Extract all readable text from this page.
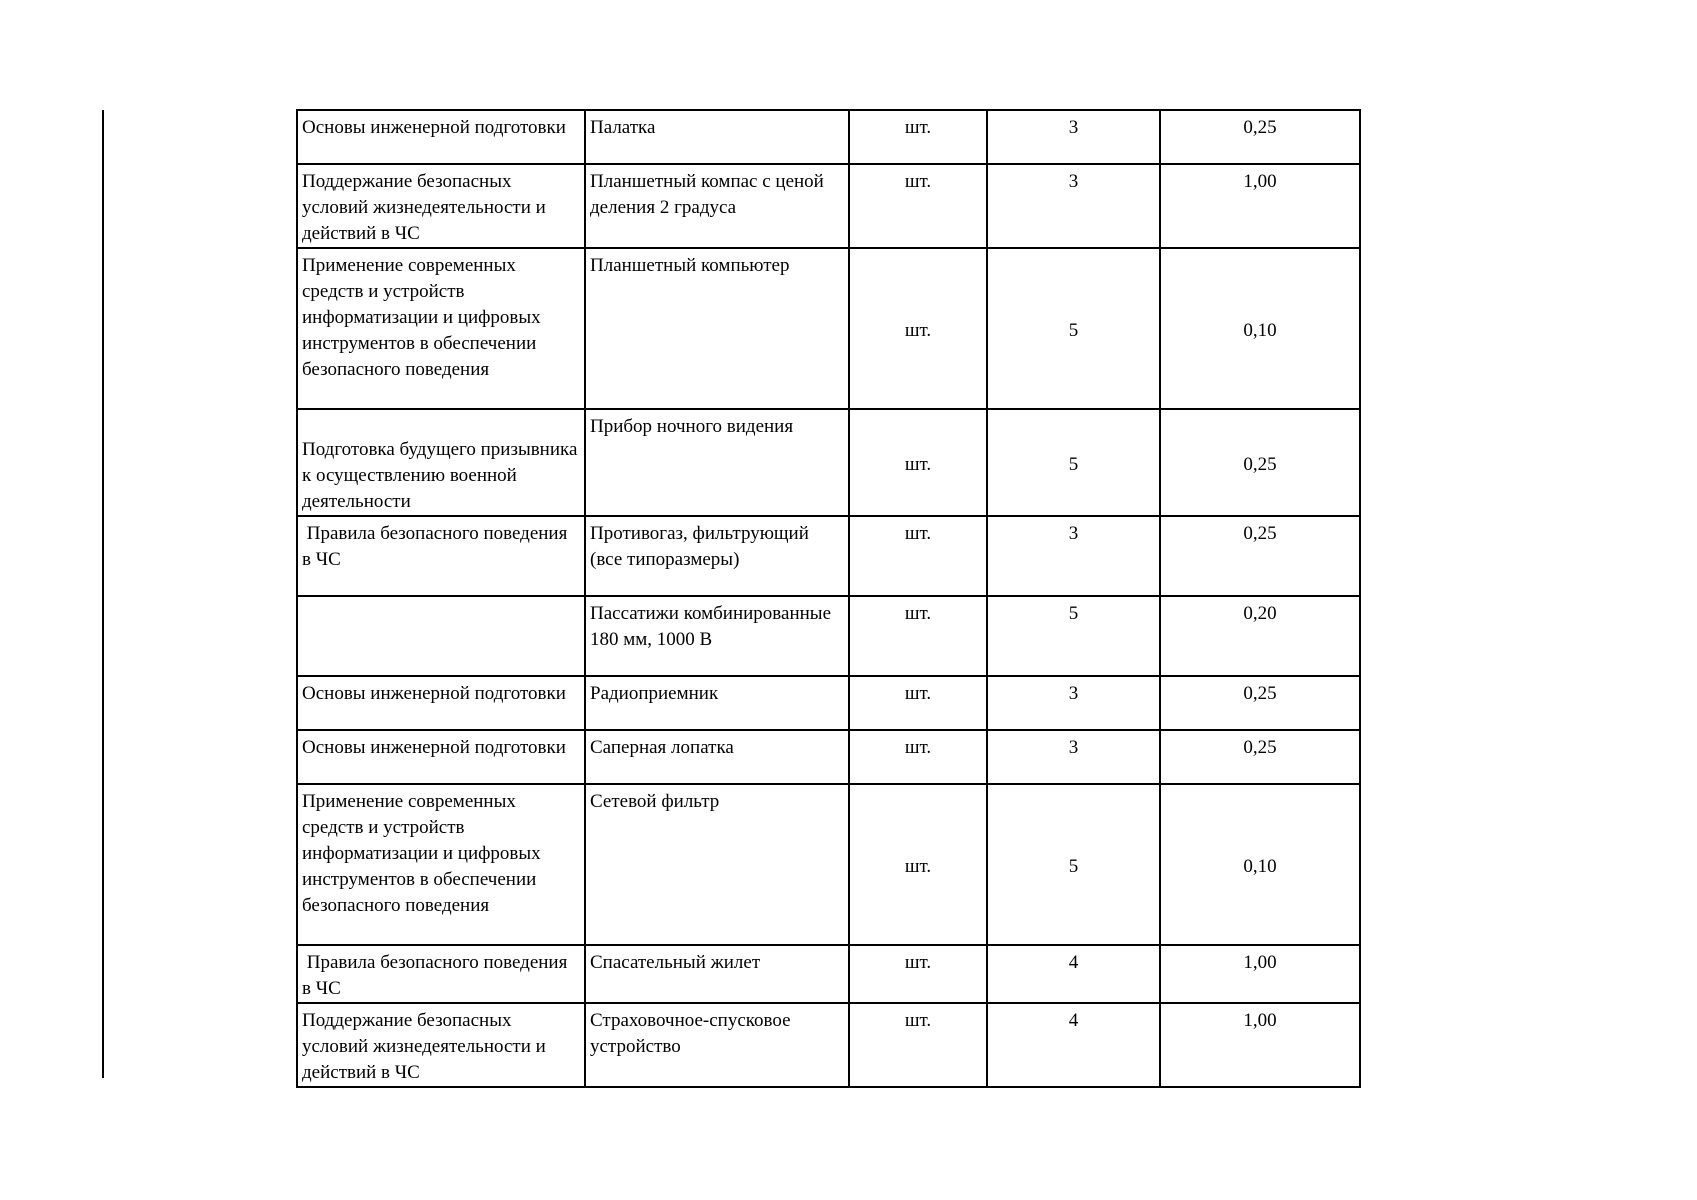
Основы инженерной подготовки	Палатка	шт.	3	0,25
Поддержание безопасных условий жизнедеятельности и действий в ЧС	Планшетный компас с ценой деления 2 градуса	шт.	3	1,00
Применение современных средств и устройств информатизации и цифровых инструментов в обеспечении безопасного поведения	Планшетный компьютер	шт.	5	0,10
Подготовка будущего призывника к осуществлению военной деятельности	Прибор ночного видения	шт.	5	0,25
Правила безопасного поведения в ЧС	Противогаз, фильтрующий (все типоразмеры)	шт.	3	0,25
	Пассатижи комбинированные 180 мм, 1000 В	шт.	5	0,20
Основы инженерной подготовки	Радиоприемник	шт.	3	0,25
Основы инженерной подготовки	Саперная лопатка	шт.	3	0,25
Применение современных средств и устройств информатизации и цифровых инструментов в обеспечении безопасного поведения	Сетевой фильтр	шт.	5	0,10
Правила безопасного поведения в ЧС	Спасательный жилет	шт.	4	1,00
Поддержание безопасных условий жизнедеятельности и действий в ЧС	Страховочное-спусковое устройство	шт.	4	1,00
